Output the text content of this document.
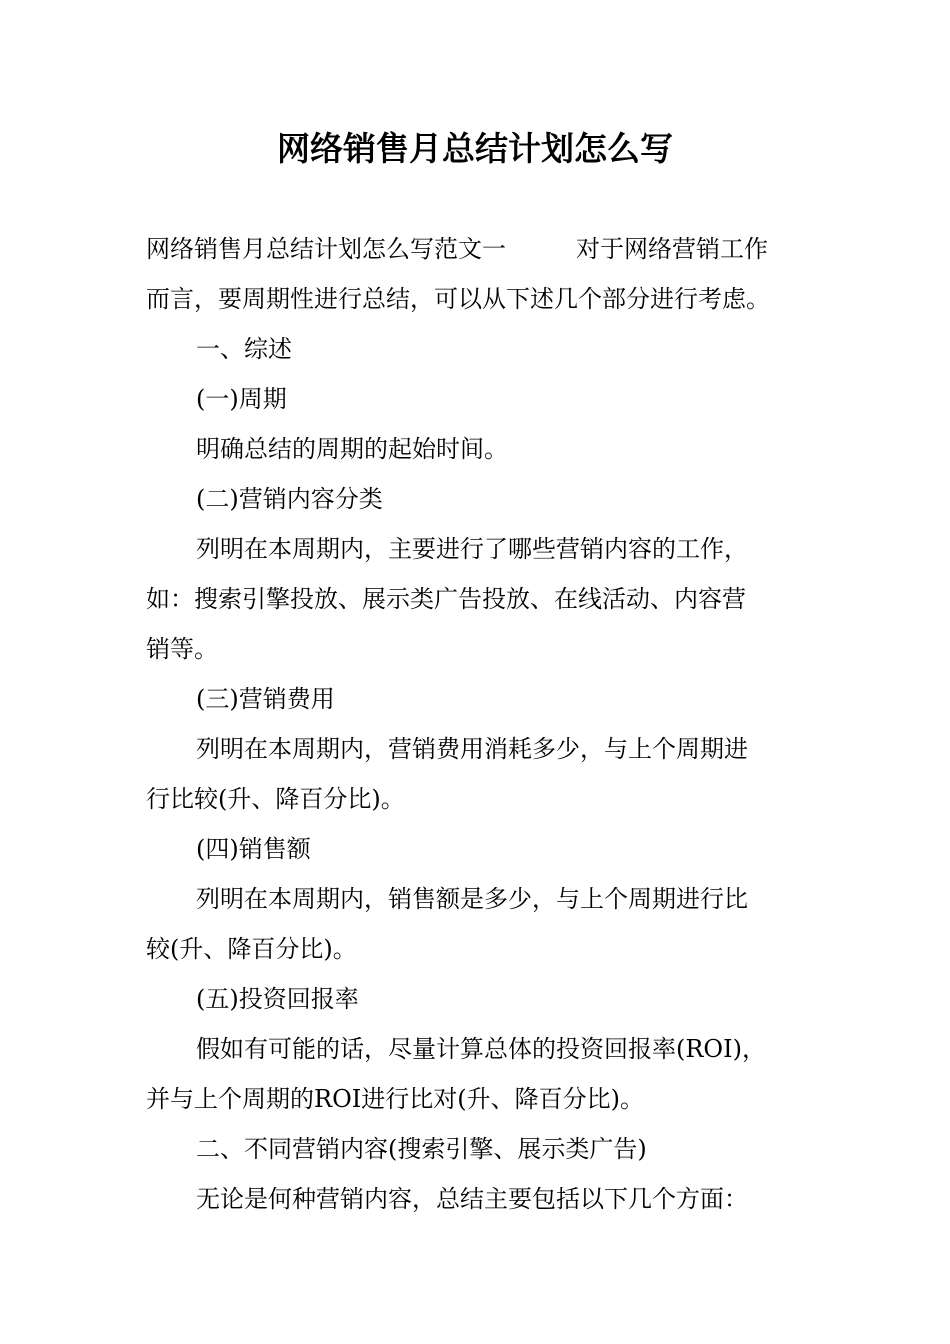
网络销售月总结计划怎么写

网络销售月总结计划怎么写范文一	对于网络营销工作

而言，要周期性进行总结，可以从下述几个部分进行考虑。

一、综述

(一)周期

明确总结的周期的起始时间。

(二)营销内容分类

列明在本周期内，主要进行了哪些营销内容的工作，

如：搜索引擎投放、展示类广告投放、在线活动、内容营

销等。

(三)营销费用

列明在本周期内，营销费用消耗多少，与上个周期进

行比较(升、降百分比)。

(四)销售额

列明在本周期内，销售额是多少，与上个周期进行比

较(升、降百分比)。

(五)投资回报率

假如有可能的话，尽量计算总体的投资回报率(ROI)，

并与上个周期的ROI进行比对(升、降百分比)。

二、不同营销内容(搜索引擎、展示类广告)

无论是何种营销内容，总结主要包括以下几个方面：
